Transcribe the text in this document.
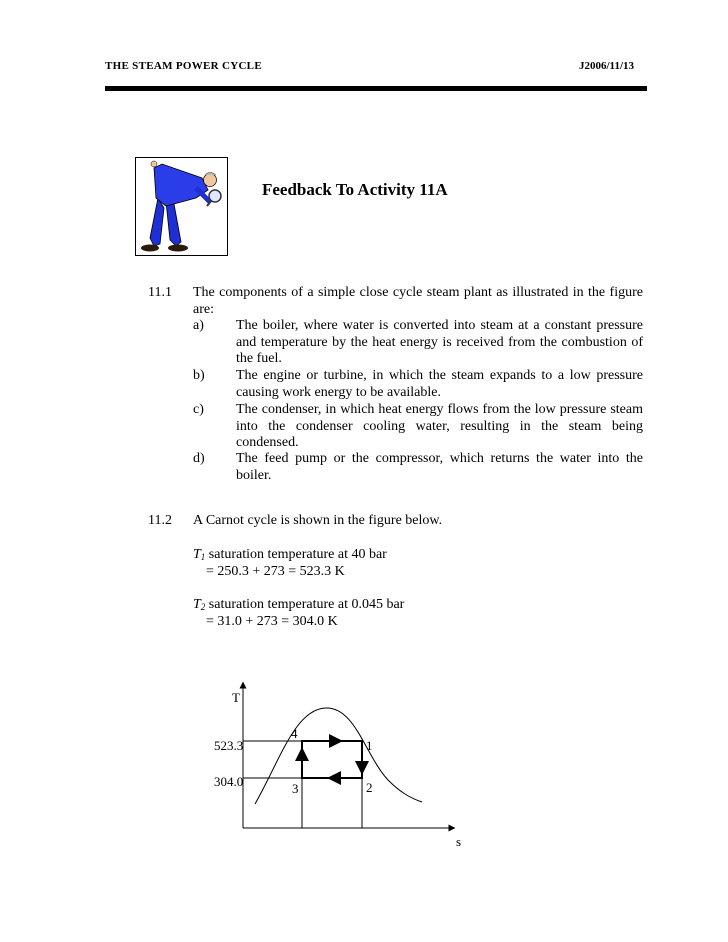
THE STEAM POWER CYCLE	J2006/11/13
Feedback To Activity 11A
11.1 The components of a simple close cycle steam plant as illustrated in the figure are:
a) The boiler, where water is converted into steam at a constant pressure and temperature by the heat energy is received from the combustion of the fuel.
b) The engine or turbine, in which the steam expands to a low pressure causing work energy to be available.
c) The condenser, in which heat energy flows from the low pressure steam into the condenser cooling water, resulting in the steam being condensed.
d) The feed pump or the compressor, which returns the water into the boiler.
11.2 A Carnot cycle is shown in the figure below.
$T_1$ saturation temperature at 40 bar
= 250.3 + 273 = 523.3 K
$T_2$ saturation temperature at 0.045 bar
= 31.0 + 273 = 304.0 K
T
s
523.3
304.0
1
2
3
4
